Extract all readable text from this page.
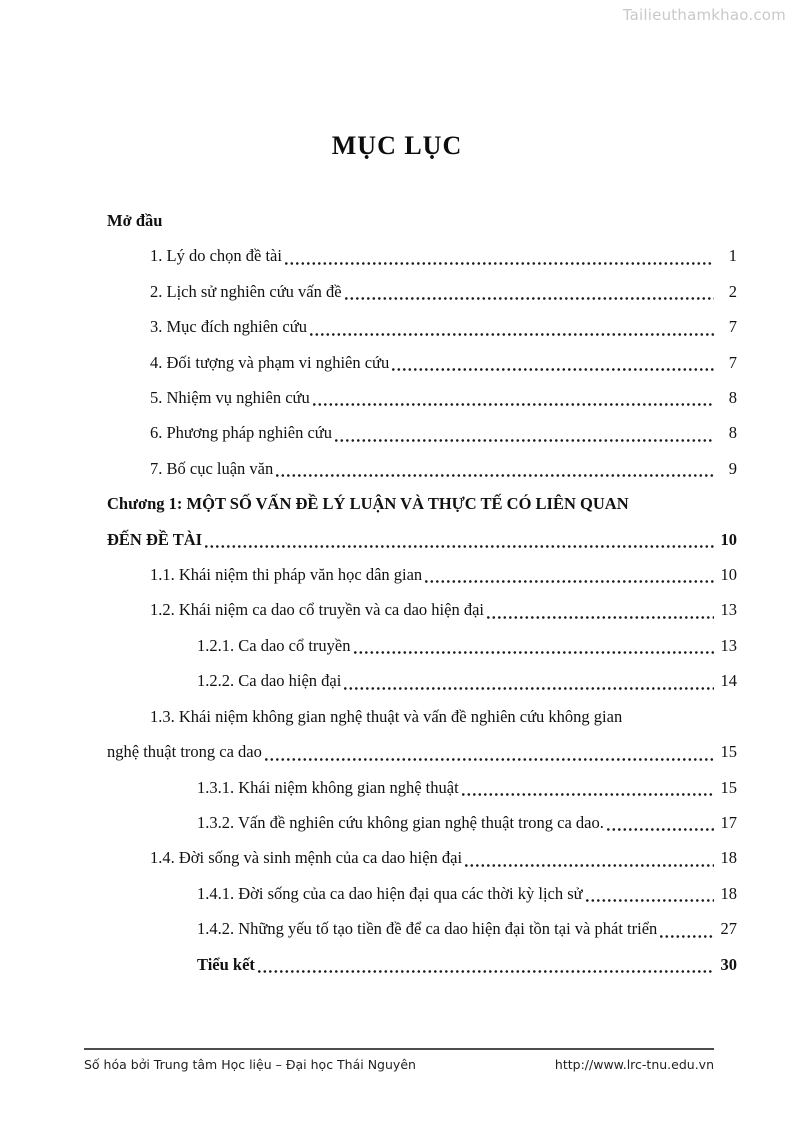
Tailieuthamkhao.com
MỤC LỤC
Mở đầu
1. Lý do chọn đề tài	1
2. Lịch sử nghiên cứu vấn đề	2
3. Mục đích nghiên cứu	7
4. Đối tượng và phạm vi nghiên cứu	7
5. Nhiệm vụ nghiên cứu	8
6. Phương pháp nghiên cứu	8
7. Bố cục luận văn	9
Chương 1: MỘT SỐ VẤN ĐỀ LÝ LUẬN VÀ THỰC TẾ CÓ LIÊN QUAN
ĐẾN ĐỀ TÀI	10
1.1. Khái niệm thi pháp văn học dân gian	10
1.2. Khái niệm ca dao cổ truyền và ca dao hiện đại	13
1.2.1. Ca dao cổ truyền	13
1.2.2. Ca dao hiện đại	14
1.3. Khái niệm không gian nghệ thuật và vấn đề nghiên cứu không gian
nghệ thuật trong ca dao	15
1.3.1. Khái niệm không gian nghệ thuật	15
1.3.2. Vấn đề nghiên cứu không gian nghệ thuật trong ca dao.	17
1.4. Đời sống và sinh mệnh của ca dao hiện đại	18
1.4.1. Đời sống của ca dao hiện đại qua các thời kỳ lịch sử	18
1.4.2. Những yếu tố tạo tiền đề để ca dao hiện đại tồn tại và phát triển	27
Tiểu kết	30
Số hóa bởi Trung tâm Học liệu – Đại học Thái Nguyên	http://www.lrc-tnu.edu.vn
